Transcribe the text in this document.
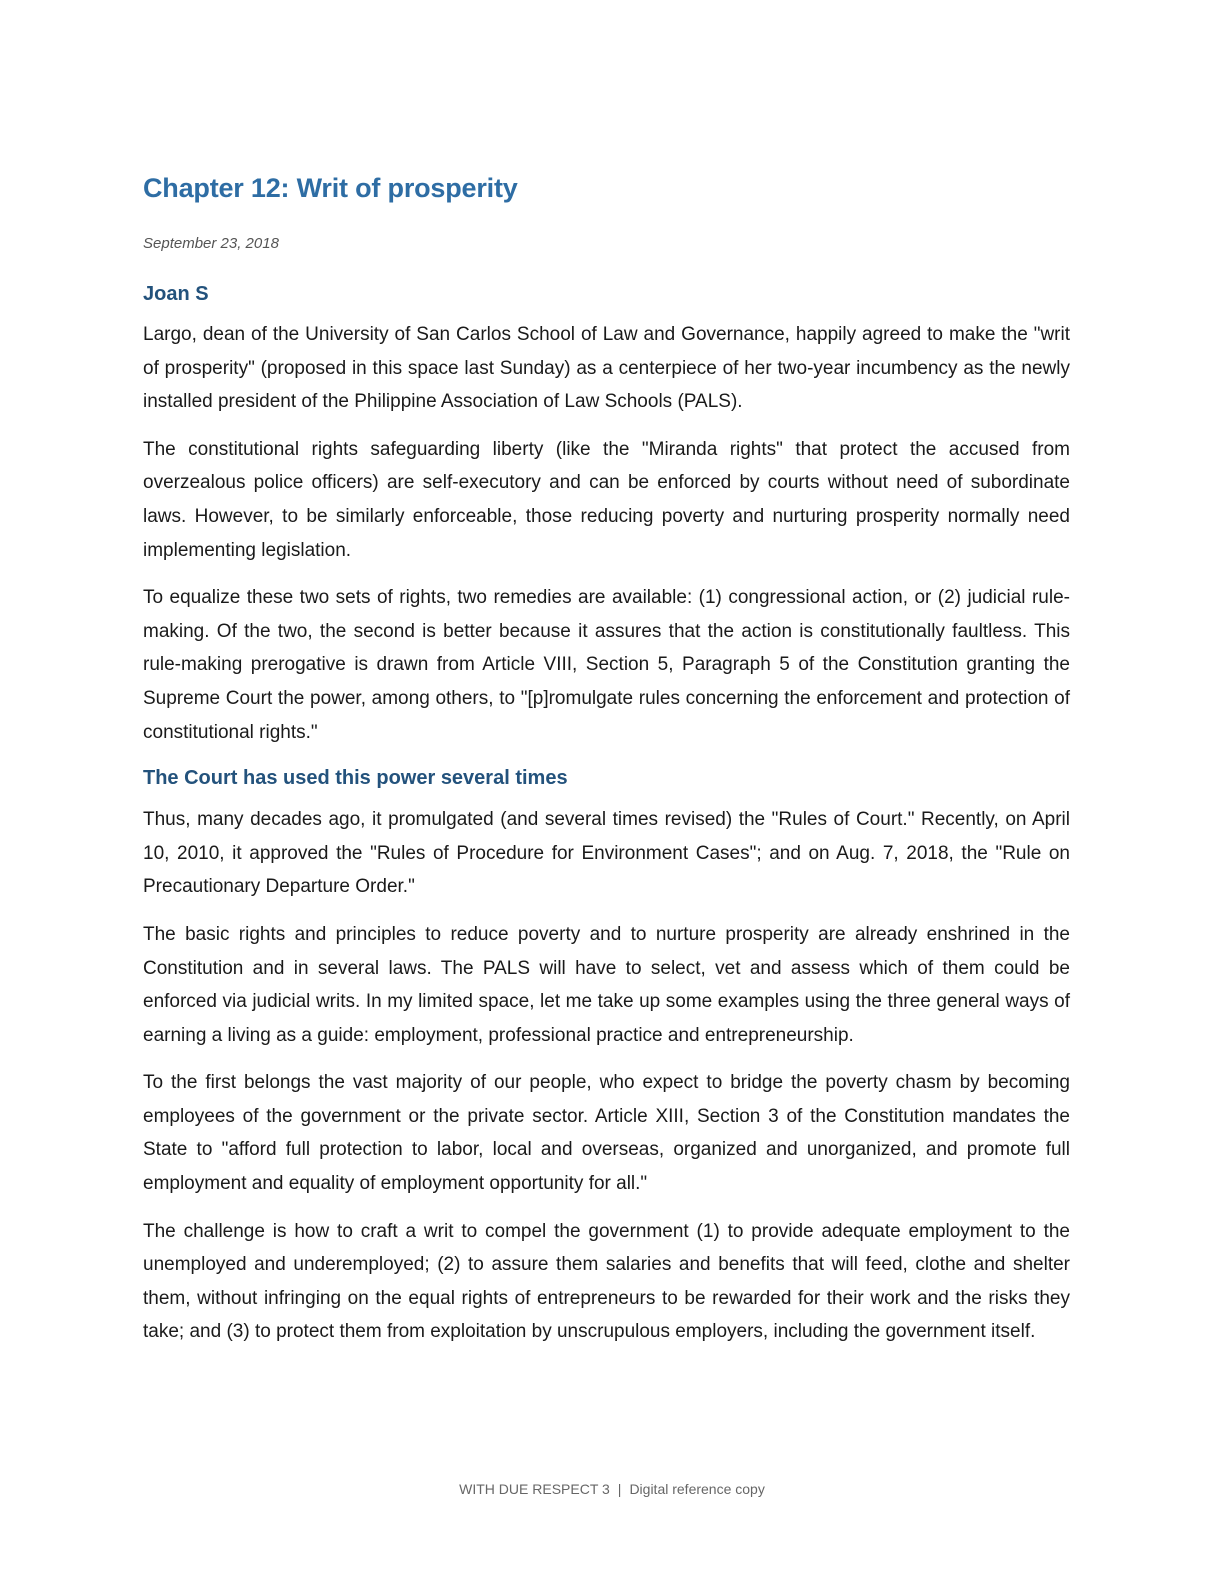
Chapter 12: Writ of prosperity
September 23, 2018
Joan S

Largo, dean of the University of San Carlos School of Law and Governance, happily agreed to make the "writ of prosperity" (proposed in this space last Sunday) as a centerpiece of her two-year incumbency as the newly installed president of the Philippine Association of Law Schools (PALS).

The constitutional rights safeguarding liberty (like the "Miranda rights" that protect the accused from overzealous police officers) are self-executory and can be enforced by courts without need of subordinate laws. However, to be similarly enforceable, those reducing poverty and nurturing prosperity normally need implementing legislation.

To equalize these two sets of rights, two remedies are available: (1) congressional action, or (2) judicial rule-making. Of the two, the second is better because it assures that the action is constitutionally faultless. This rule-making prerogative is drawn from Article VIII, Section 5, Paragraph 5 of the Constitution granting the Supreme Court the power, among others, to "[p]romulgate rules concerning the enforcement and protection of constitutional rights."

The Court has used this power several times

Thus, many decades ago, it promulgated (and several times revised) the "Rules of Court." Recently, on April 10, 2010, it approved the "Rules of Procedure for Environment Cases"; and on Aug. 7, 2018, the "Rule on Precautionary Departure Order."

The basic rights and principles to reduce poverty and to nurture prosperity are already enshrined in the Constitution and in several laws. The PALS will have to select, vet and assess which of them could be enforced via judicial writs. In my limited space, let me take up some examples using the three general ways of earning a living as a guide: employment, professional practice and entrepreneurship.

To the first belongs the vast majority of our people, who expect to bridge the poverty chasm by becoming employees of the government or the private sector. Article XIII, Section 3 of the Constitution mandates the State to "afford full protection to labor, local and overseas, organized and unorganized, and promote full employment and equality of employment opportunity for all."

The challenge is how to craft a writ to compel the government (1) to provide adequate employment to the unemployed and underemployed; (2) to assure them salaries and benefits that will feed, clothe and shelter them, without infringing on the equal rights of entrepreneurs to be rewarded for their work and the risks they take; and (3) to protect them from exploitation by unscrupulous employers, including the government itself.

WITH DUE RESPECT 3 | Digital reference copy
